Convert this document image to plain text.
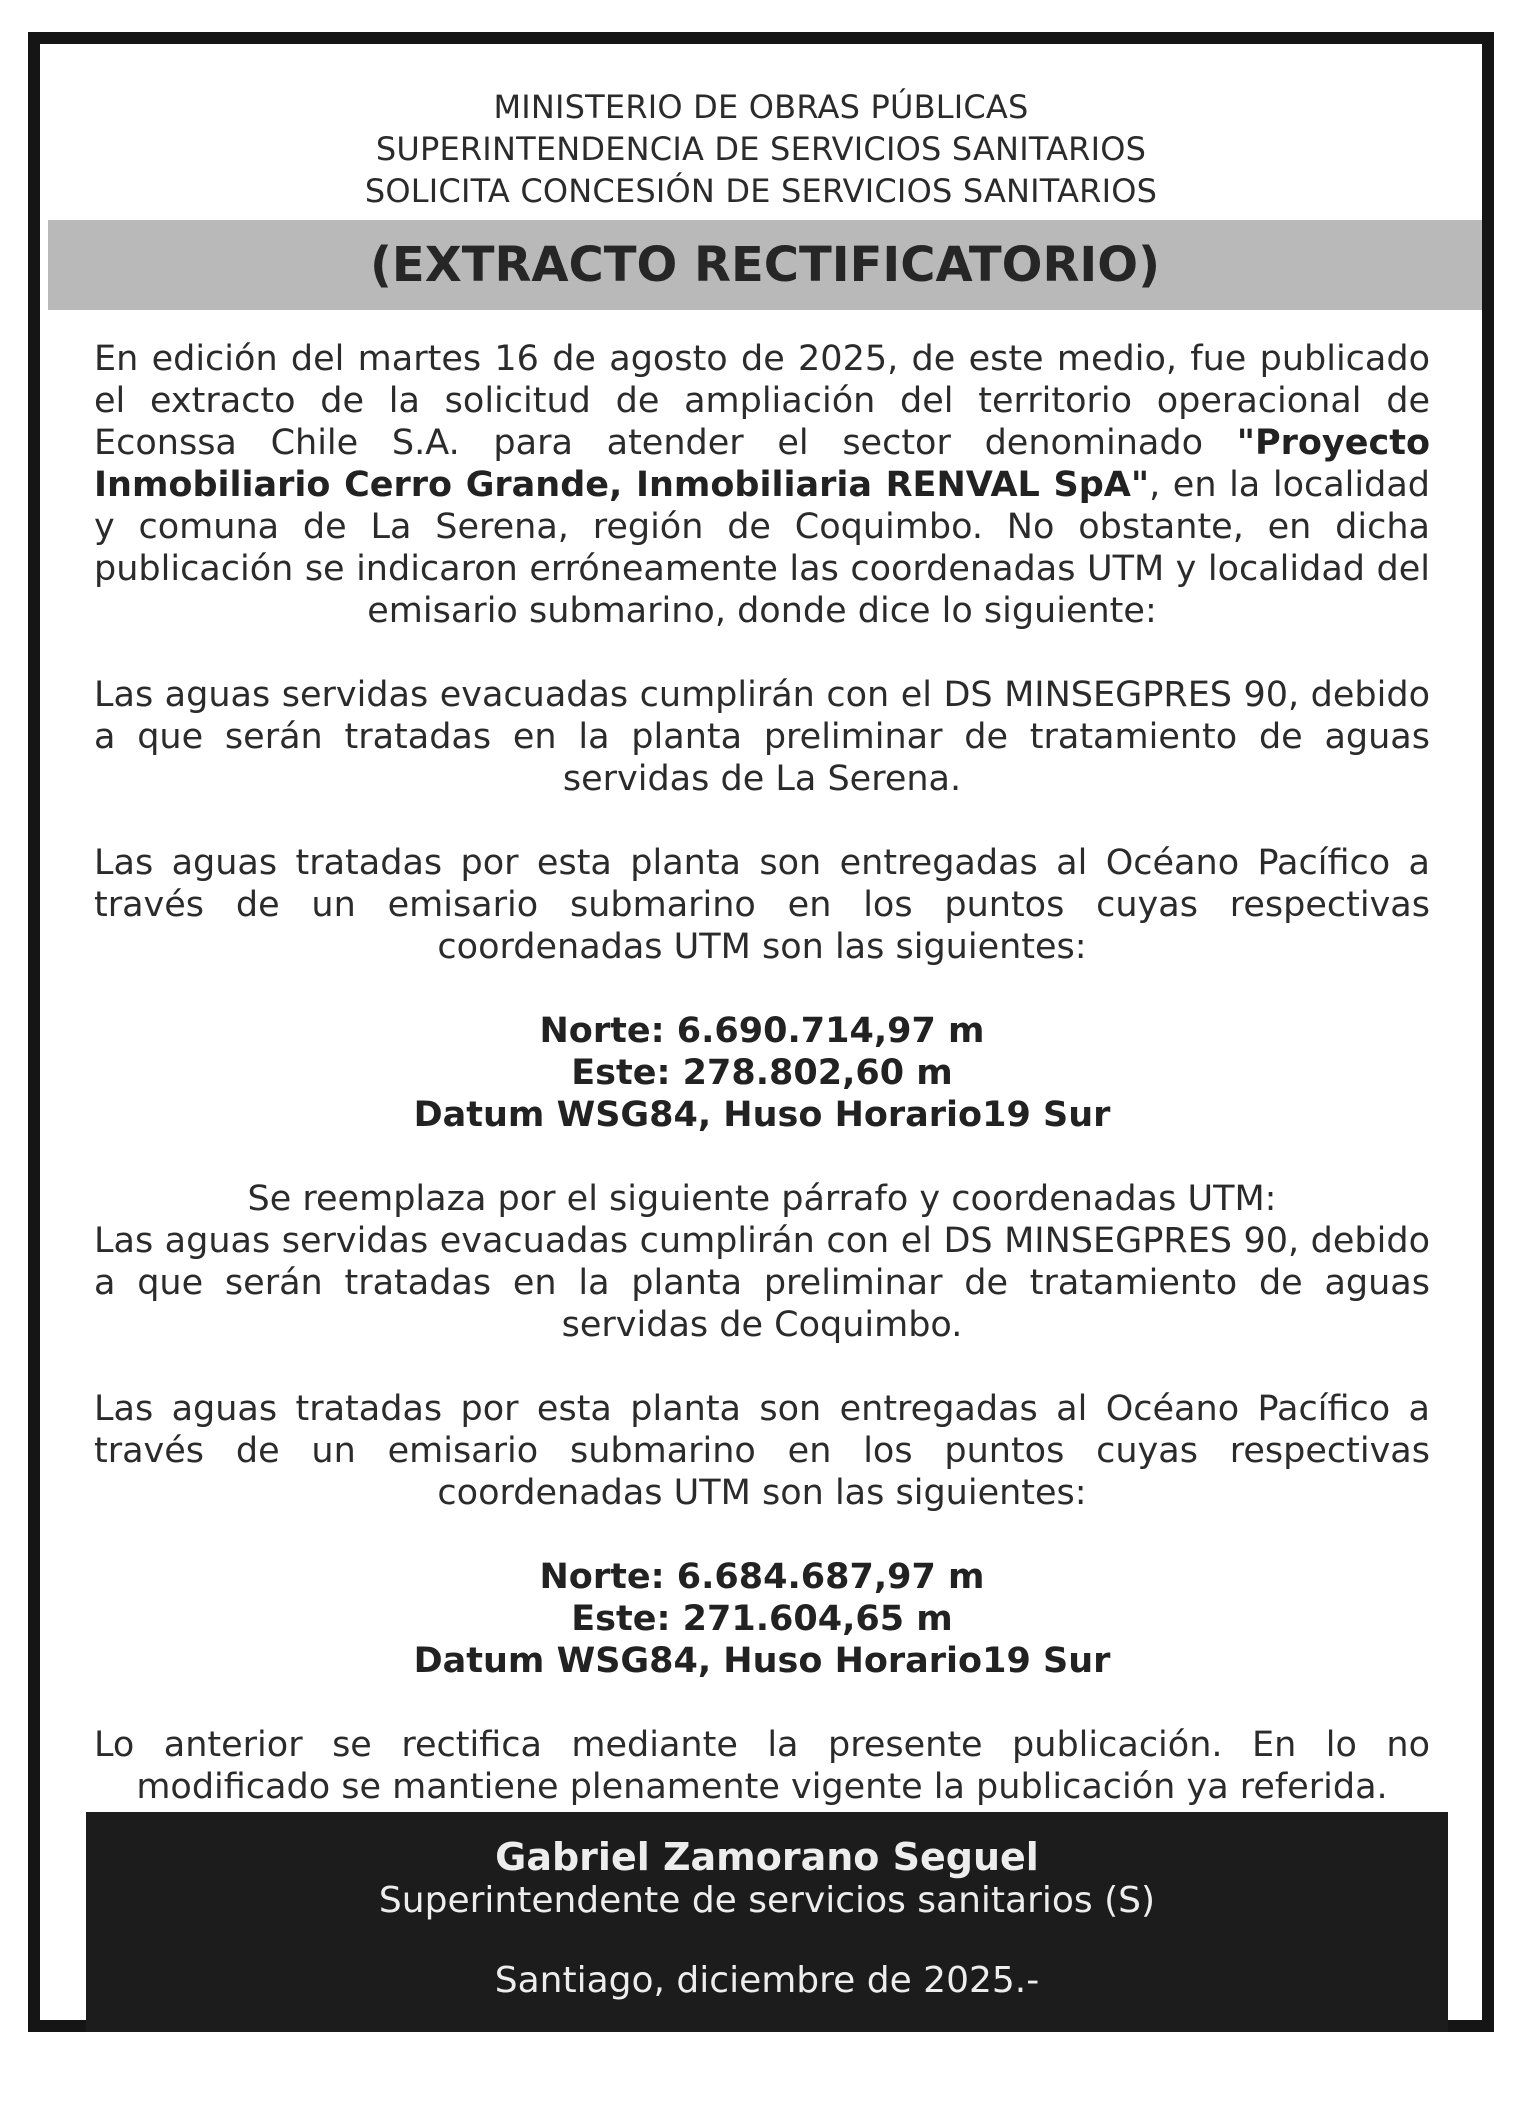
MINISTERIO DE OBRAS PÚBLICAS
SUPERINTENDENCIA DE SERVICIOS SANITARIOS
SOLICITA CONCESIÓN DE SERVICIOS SANITARIOS
(EXTRACTO RECTIFICATORIO)

En edición del martes 16 de agosto de 2025, de este medio, fue publicado el extracto de la solicitud de ampliación del territorio operacional de Econssa Chile S.A. para atender el sector denominado "Proyecto Inmobiliario Cerro Grande, Inmobiliaria RENVAL SpA", en la localidad y comuna de La Serena, región de Coquimbo. No obstante, en dicha publicación se indicaron erróneamente las coordenadas UTM y localidad del emisario submarino, donde dice lo siguiente:

Las aguas servidas evacuadas cumplirán con el DS MINSEGPRES 90, debido a que serán tratadas en la planta preliminar de tratamiento de aguas servidas de La Serena.

Las aguas tratadas por esta planta son entregadas al Océano Pacífico a través de un emisario submarino en los puntos cuyas respectivas coordenadas UTM son las siguientes:

Norte: 6.690.714,97 m
Este: 278.802,60 m
Datum WSG84, Huso Horario19 Sur
Se reemplaza por el siguiente párrafo y coordenadas UTM:

Las aguas servidas evacuadas cumplirán con el DS MINSEGPRES 90, debido a que serán tratadas en la planta preliminar de tratamiento de aguas servidas de Coquimbo.

Las aguas tratadas por esta planta son entregadas al Océano Pacífico a través de un emisario submarino en los puntos cuyas respectivas coordenadas UTM son las siguientes:

Norte: 6.684.687,97 m
Este: 271.604,65 m
Datum WSG84, Huso Horario19 Sur

Lo anterior se rectifica mediante la presente publicación. En lo no modificado se mantiene plenamente vigente la publicación ya referida.

Gabriel Zamorano Seguel
Superintendente de servicios sanitarios (S)
Santiago, diciembre de 2025.-
